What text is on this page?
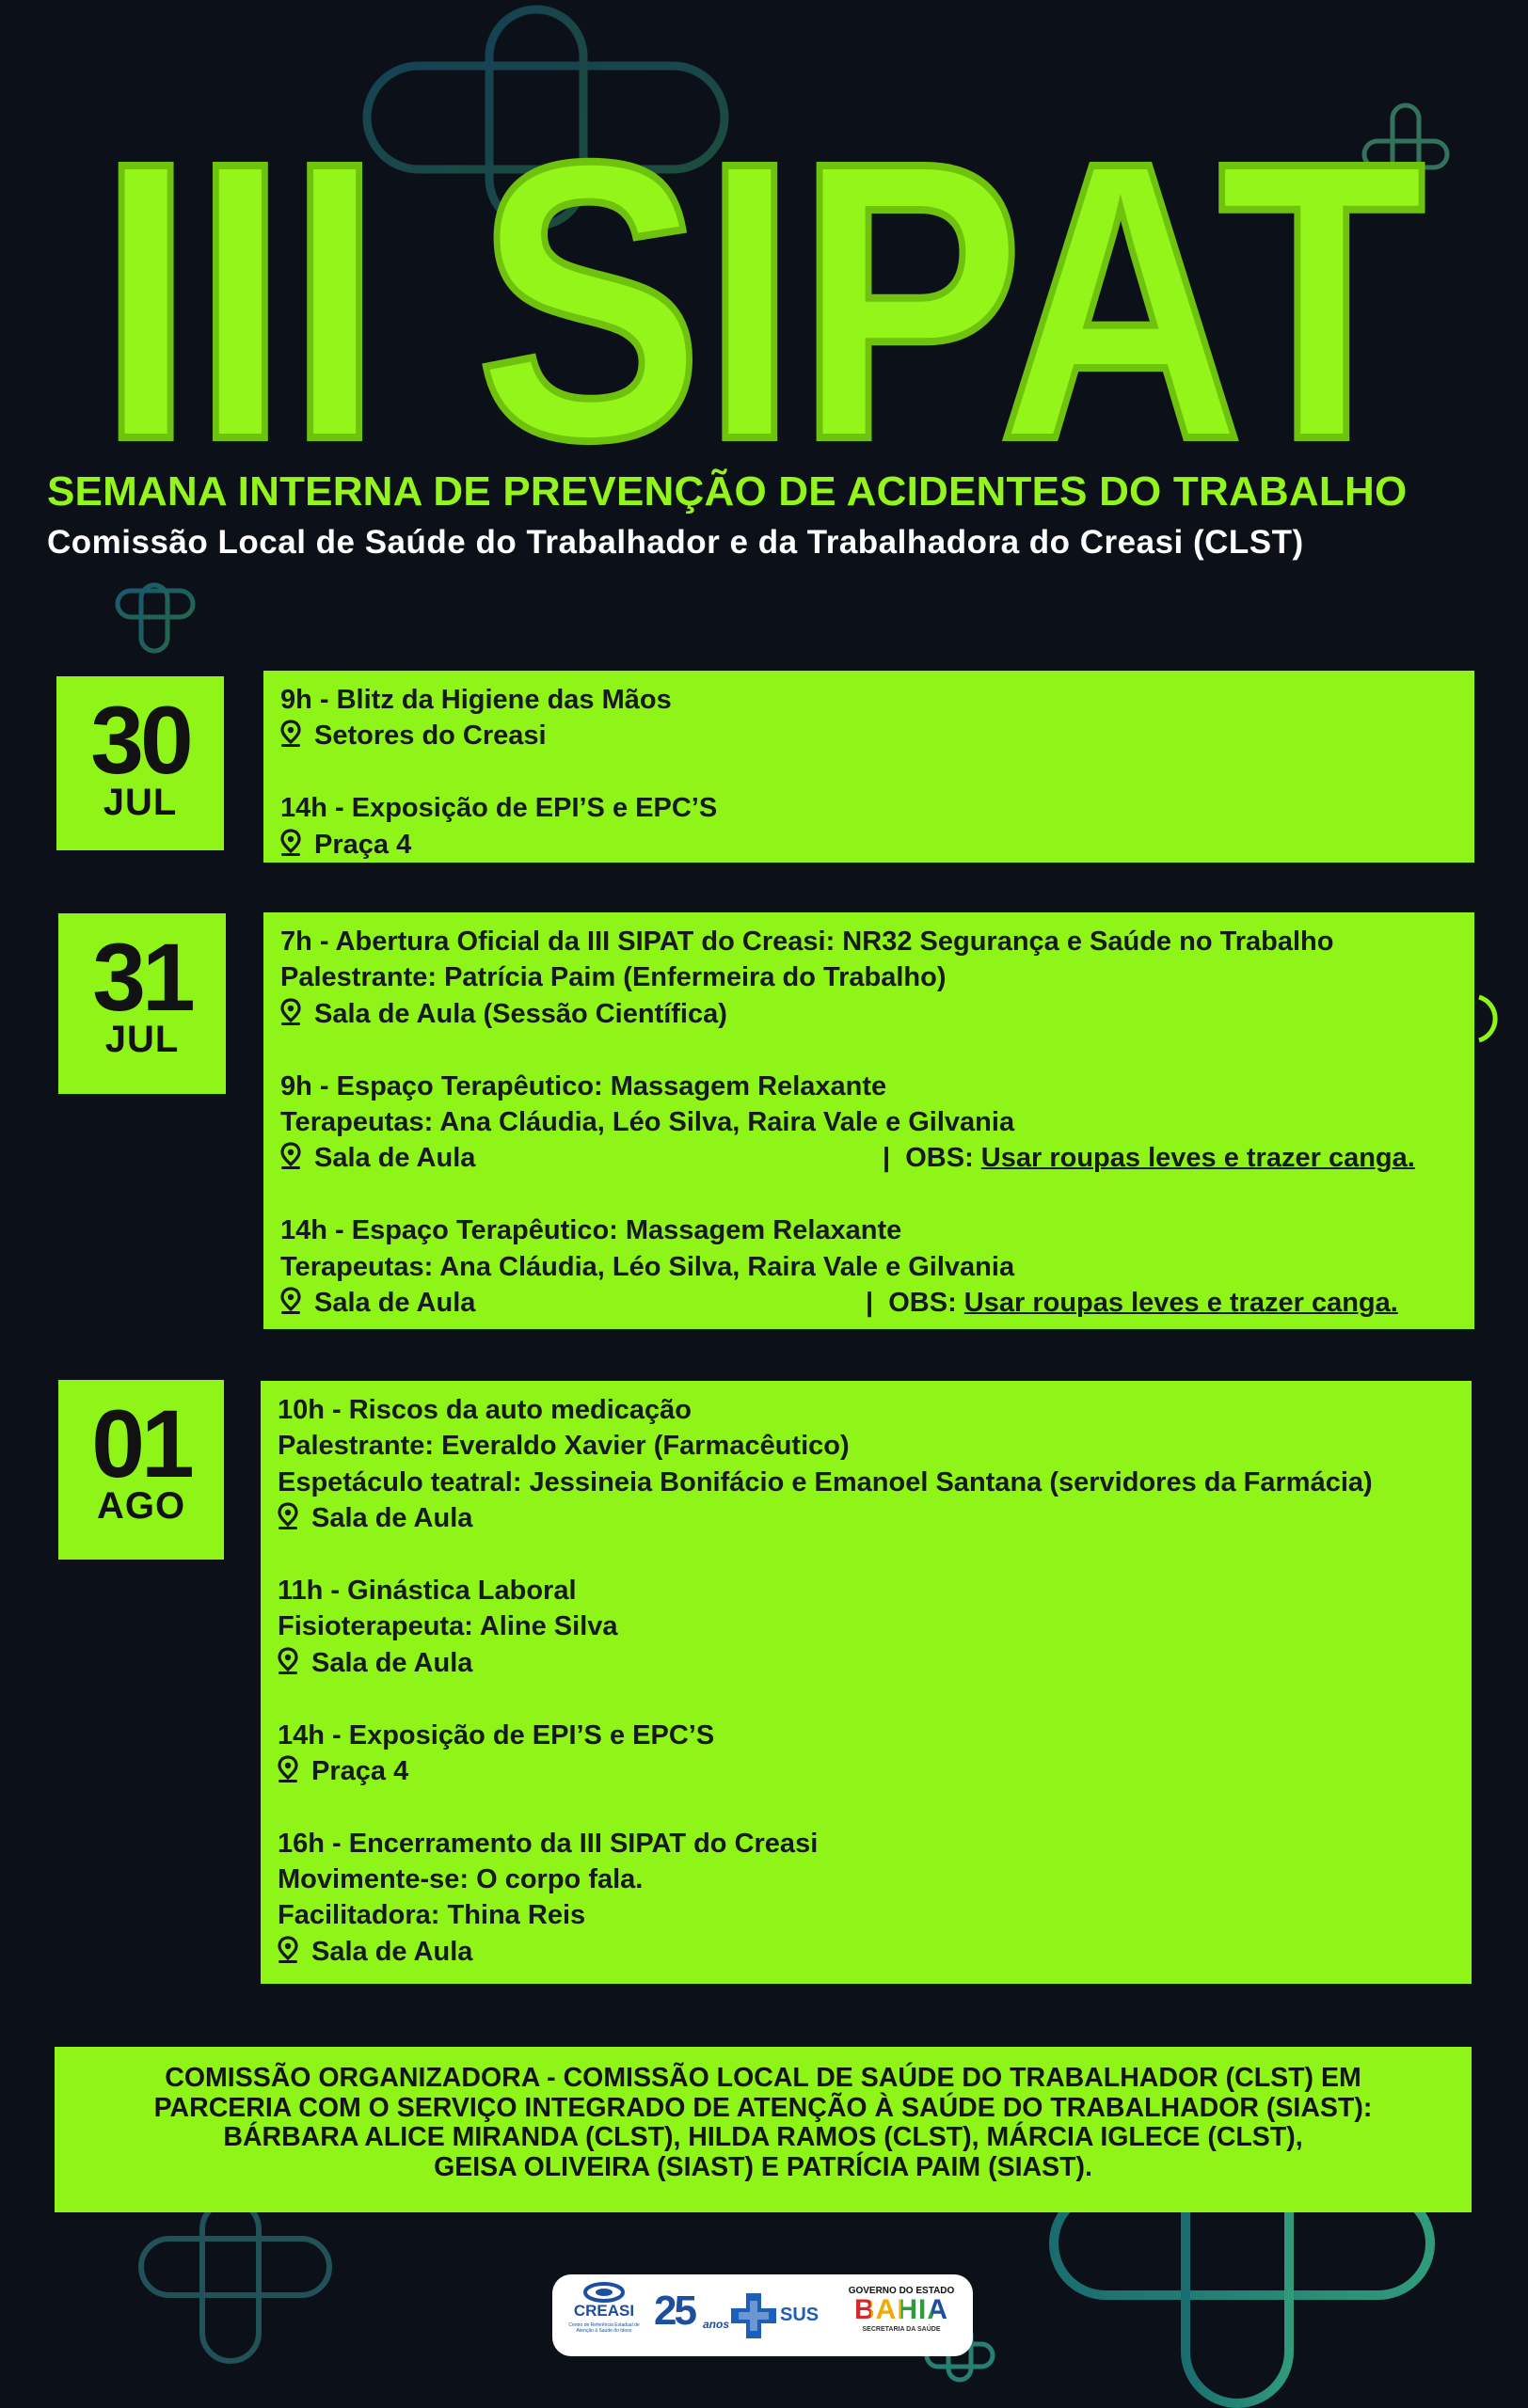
III SIPAT
SEMANA INTERNA DE PREVENÇÃO DE ACIDENTES DO TRABALHO
Comissão Local de Saúde do Trabalhador e da Trabalhadora do Creasi (CLST)
30
JUL
9h - Blitz da Higiene das Mãos
Setores do Creasi
14h - Exposição de EPI’S e EPC’S
Praça 4
31
JUL
7h - Abertura Oficial da III SIPAT do Creasi: NR32 Segurança e Saúde no Trabalho
Palestrante: Patrícia Paim (Enfermeira do Trabalho)
Sala de Aula (Sessão Científica)
9h - Espaço Terapêutico: Massagem Relaxante
Terapeutas: Ana Cláudia, Léo Silva, Raira Vale e Gilvania
Sala de Aula	|  OBS: Usar roupas leves e trazer canga.
14h - Espaço Terapêutico: Massagem Relaxante
Terapeutas: Ana Cláudia, Léo Silva, Raira Vale e Gilvania
Sala de Aula	|  OBS: Usar roupas leves e trazer canga.
01
AGO
10h - Riscos da auto medicação
Palestrante: Everaldo Xavier (Farmacêutico)
Espetáculo teatral: Jessineia Bonifácio e Emanoel Santana (servidores da Farmácia)
Sala de Aula
11h - Ginástica Laboral
Fisioterapeuta: Aline Silva
Sala de Aula
14h - Exposição de EPI’S e EPC’S
Praça 4
16h - Encerramento da III SIPAT do Creasi
Movimente-se: O corpo fala.
Facilitadora: Thina Reis
Sala de Aula
COMISSÃO ORGANIZADORA - COMISSÃO LOCAL DE SAÚDE DO TRABALHADOR (CLST) EM
PARCERIA COM O SERVIÇO INTEGRADO DE ATENÇÃO À SAÚDE DO TRABALHADOR (SIAST):
BÁRBARA ALICE MIRANDA (CLST), HILDA RAMOS (CLST), MÁRCIA IGLECE (CLST),
GEISA OLIVEIRA (SIAST) E PATRÍCIA PAIM (SIAST).
CREASI
Centro de Referência Estadual de Atenção à Saúde do Idoso 25 anos	SUS
GOVERNO DO ESTADO
BAHIA
SECRETARIA DA SAÚDE
